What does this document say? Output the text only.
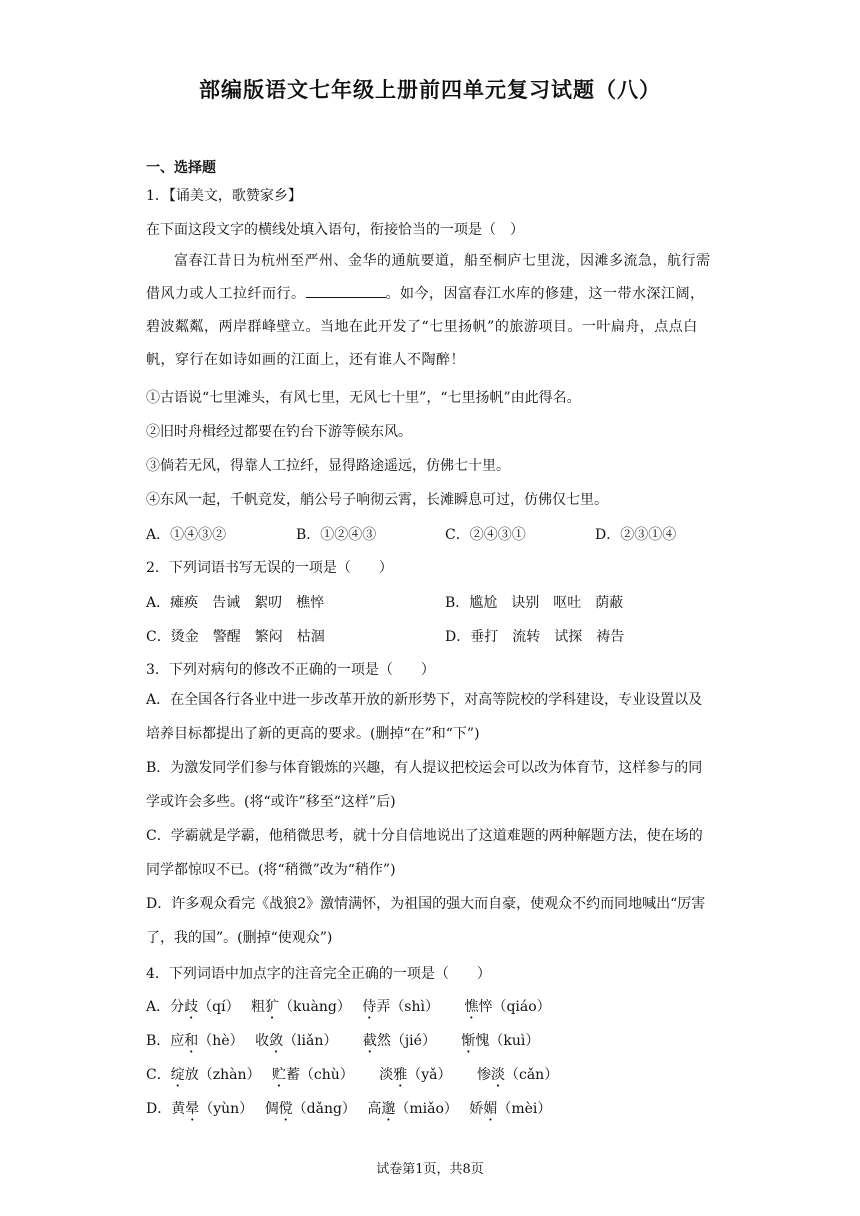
部编版语文七年级上册前四单元复习试题（八）
一、选择题
1．【诵美文，歌赞家乡】
在下面这段文字的横线处填入语句，衔接恰当的一项是（　）
富春江昔日为杭州至严州、金华的通航要道，船至桐庐七里泷，因滩多流急，航行需借风力或人工拉纤而行。	。如今，因富春江水库的修建，这一带水深江阔，碧波粼粼，两岸群峰壁立。当地在此开发了“七里扬帆”的旅游项目。一叶扁舟，点点白帆，穿行在如诗如画的江面上，还有谁人不陶醉！
①古语说“七里滩头，有风七里，无风七十里”，“七里扬帆”由此得名。
②旧时舟楫经过都要在钓台下游等候东风。
③倘若无风，得靠人工拉纤，显得路途遥远，仿佛七十里。
④东风一起，千帆竞发，艄公号子响彻云霄，长滩瞬息可过，仿佛仅七里。
A．①④③②	B．①②④③	C．②④③①	D．②③①④
2．下列词语书写无误的一项是（　　）
A．瘫痪　告诫　絮叨　樵悴	B．尴尬　诀别　呕吐　荫蔽
C．烫金　警醒　繁闷　枯涸	D．垂打　流转　试探　祷告
3．下列对病句的修改不正确的一项是（　　）
A．在全国各行各业中进一步改革开放的新形势下，对高等院校的学科建设，专业设置以及培养目标都提出了新的更高的要求。(删掉“在”和“下”)
B．为激发同学们参与体育锻炼的兴趣，有人提议把校运会可以改为体育节，这样参与的同学或许会多些。(将“或许”移至“这样”后)
C．学霸就是学霸，他稍微思考，就十分自信地说出了这道难题的两种解题方法，使在场的同学都惊叹不已。(将“稍微”改为“稍作”)
D．许多观众看完《战狼2》激情满怀，为祖国的强大而自豪，使观众不约而同地喊出“厉害了，我的国”。(删掉“使观众”)
4．下列词语中加点字的注音完全正确的一项是（　　）
A．分歧（qí）　 粗犷（kuàng）　 侍弄（shì）　　 憔悴（qiáo）
B．应和（hè）　 收敛（liǎn）　　 截然（jié）　　 惭愧（kuì）
C．绽放（zhàn）　 贮蓄（chù）　　 淡雅（yǎ）　　 惨淡（cǎn）
D．黄晕（yùn）　 倜傥（dǎng）　 高邈（miǎo）　 娇媚（mèi）
试卷第1页，共8页
